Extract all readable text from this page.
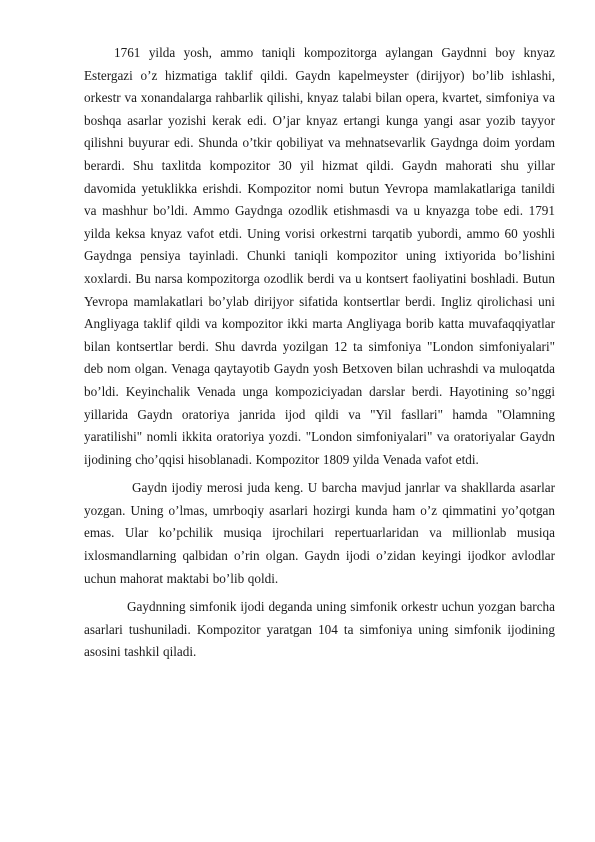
1761 yilda yosh, ammo taniqli kompozitorga aylangan Gaydnni boy knyaz Estergazi o’z hizmatiga taklif qildi. Gaydn kapelmeyster (dirijyor) bo’lib ishlashi, orkestr va xonandalarga rahbarlik qilishi, knyaz talabi bilan opera, kvartet, simfoniya va boshqa asarlar yozishi kerak edi. O’jar knyaz ertangi kunga yangi asar yozib tayyor qilishni buyurar edi. Shunda o’tkir qobiliyat va mehnatsevarlik Gaydnga doim yordam berardi. Shu taxlitda kompozitor 30 yil hizmat qildi. Gaydn mahorati shu yillar davomida yetuklikka erishdi. Kompozitor nomi butun Yevropa mamlakatlariga tanildi va mashhur bo’ldi. Ammo Gaydnga ozodlik etishmasdi va u knyazga tobe edi. 1791 yilda keksa knyaz vafot etdi. Uning vorisi orkestrni tarqatib yubordi, ammo 60 yoshli Gaydnga pensiya tayinladi. Chunki taniqli kompozitor uning ixtiyorida bo’lishini xoxlardi. Bu narsa kompozitorga ozodlik berdi va u kontsert faoliyatini boshladi. Butun Yevropa mamlakatlari bo’ylab dirijyor sifatida kontsertlar berdi. Ingliz qirolichasi uni Angliyaga taklif qildi va kompozitor ikki marta Angliyaga borib katta muvafaqqiyatlar bilan kontsertlar berdi. Shu davrda yozilgan 12 ta simfoniya "London simfoniyalari" deb nom olgan. Venaga qaytayotib Gaydn yosh Betxoven bilan uchrashdi va muloqatda bo’ldi. Keyinchalik Venada unga kompoziciyadan darslar berdi. Hayotining so’nggi yillarida Gaydn oratoriya janrida ijod qildi va "Yil fasllari" hamda "Olamning yaratilishi" nomli ikkita oratoriya yozdi. "London simfoniyalari" va oratoriyalar Gaydn ijodining cho’qqisi hisoblanadi. Kompozitor 1809 yilda Venada vafot etdi.

Gaydn ijodiy merosi juda keng. U barcha mavjud janrlar va shakllarda asarlar yozgan. Uning o’lmas, umrboqiy asarlari hozirgi kunda ham o’z qimmatini yo’qotgan emas. Ular ko’pchilik musiqa ijrochilari repertuarlaridan va millionlab musiqa ixlosmandlarning qalbidan o’rin olgan. Gaydn ijodi o’zidan keyingi ijodkor avlodlar uchun mahorat maktabi bo’lib qoldi.

Gaydnning simfonik ijodi deganda uning simfonik orkestr uchun yozgan barcha asarlari tushuniladi. Kompozitor yaratgan 104 ta simfoniya uning simfonik ijodining asosini tashkil qiladi.
